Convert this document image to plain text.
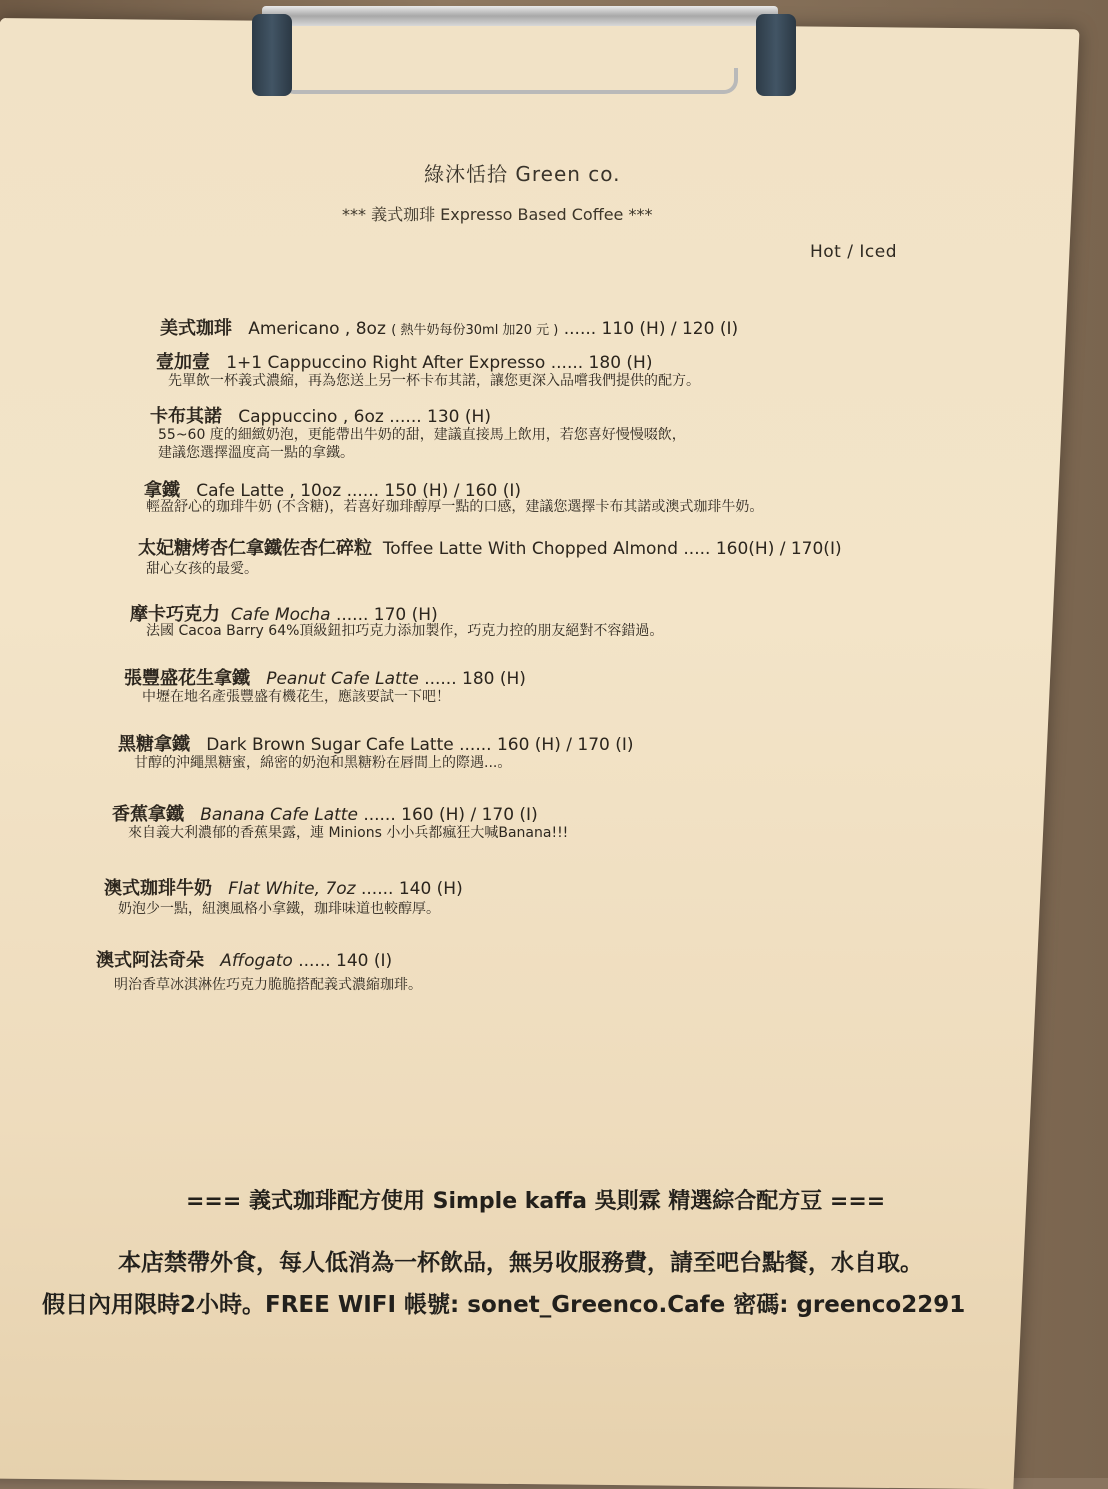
綠沐恬拾 Green co.
*** 義式珈琲 Expresso Based Coffee ***
Hot / Iced
美式珈琲 Americano , 8oz ( 熱牛奶每份30ml 加20 元 ) ...... 110 (H) / 120 (I)
壹加壹 1+1 Cappuccino Right After Expresso ...... 180 (H)
先單飲一杯義式濃縮，再為您送上另一杯卡布其諾，讓您更深入品嚐我們提供的配方。
卡布其諾 Cappuccino , 6oz ...... 130 (H)
55~60 度的細緻奶泡，更能帶出牛奶的甜，建議直接馬上飲用，若您喜好慢慢啜飲，
建議您選擇溫度高一點的拿鐵。
拿鐵 Cafe Latte , 10oz ...... 150 (H) / 160 (I)
輕盈舒心的珈琲牛奶 (不含糖)，若喜好珈琲醇厚一點的口感，建議您選擇卡布其諾或澳式珈琲牛奶。
太妃糖烤杏仁拿鐵佐杏仁碎粒 Toffee Latte With Chopped Almond ..... 160(H) / 170(I)
甜心女孩的最愛。
摩卡巧克力 Cafe Mocha ...... 170 (H)
法國 Cacoa Barry 64%頂級鈕扣巧克力添加製作，巧克力控的朋友絕對不容錯過。
張豐盛花生拿鐵 Peanut Cafe Latte ...... 180 (H)
中壢在地名產張豐盛有機花生，應該要試一下吧！
黑糖拿鐵 Dark Brown Sugar Cafe Latte ...... 160 (H) / 170 (I)
甘醇的沖繩黑糖蜜，綿密的奶泡和黑糖粉在唇間上的際遇...。
香蕉拿鐵 Banana Cafe Latte ...... 160 (H) / 170 (I)
來自義大利濃郁的香蕉果露，連 Minions 小小兵都瘋狂大喊Banana!!!
澳式珈琲牛奶 Flat White, 7oz ...... 140 (H)
奶泡少一點，紐澳風格小拿鐵，珈琲味道也較醇厚。
澳式阿法奇朵 Affogato ...... 140 (I)
明治香草冰淇淋佐巧克力脆脆搭配義式濃縮珈琲。
=== 義式珈琲配方使用 Simple kaffa 吳則霖 精選綜合配方豆 ===
本店禁帶外食，每人低消為一杯飲品，無另收服務費，請至吧台點餐，水自取。
假日內用限時2小時。FREE WIFI 帳號: sonet_Greenco.Cafe 密碼: greenco2291
